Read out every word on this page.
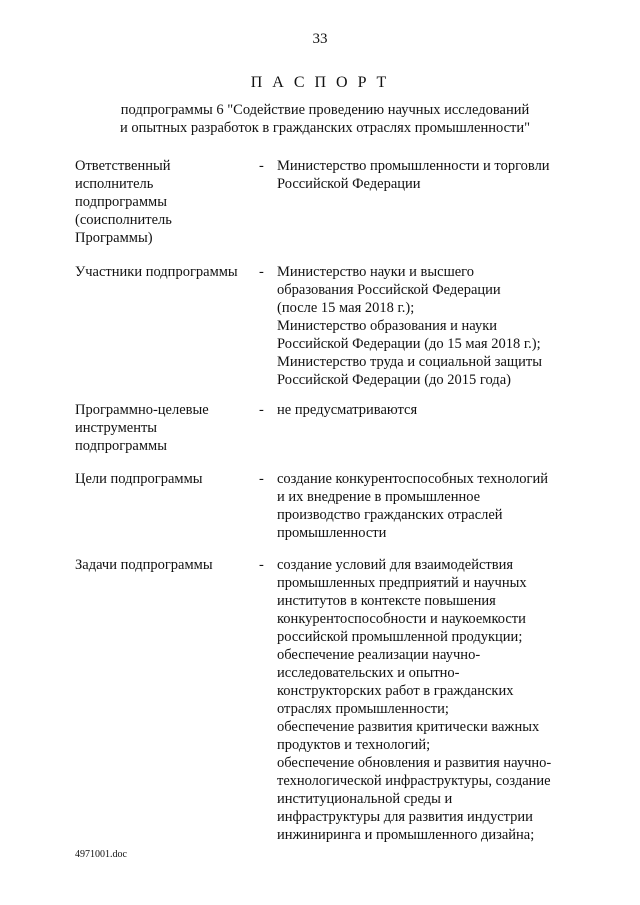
33
П А С П О Р Т
подпрограммы 6 "Содействие проведению научных исследований
и опытных разработок в гражданских отраслях промышленности"
Ответственный
исполнитель
подпрограммы
(соисполнитель
Программы)
- Министерство промышленности и торговли
Российской Федерации
Участники подпрограммы	- Министерство науки и высшего
образования Российской Федерации
(после 15 мая 2018 г.);
Министерство образования и науки
Российской Федерации (до 15 мая 2018 г.);
Министерство труда и социальной защиты
Российской Федерации (до 2015 года)
Программно-целевые
инструменты
подпрограммы
- не предусматриваются
Цели подпрограммы	- создание конкурентоспособных технологий
и их внедрение в промышленное
производство гражданских отраслей
промышленности
Задачи подпрограммы	- создание условий для взаимодействия
промышленных предприятий и научных
институтов в контексте повышения
конкурентоспособности и наукоемкости
российской промышленной продукции;
обеспечение реализации научно-
исследовательских и опытно-
конструкторских работ в гражданских
отраслях промышленности;
обеспечение развития критически важных
продуктов и технологий;
обеспечение обновления и развития научно-
технологической инфраструктуры, создание
институциональной среды и
инфраструктуры для развития индустрии
инжиниринга и промышленного дизайна;
4971001.doc
